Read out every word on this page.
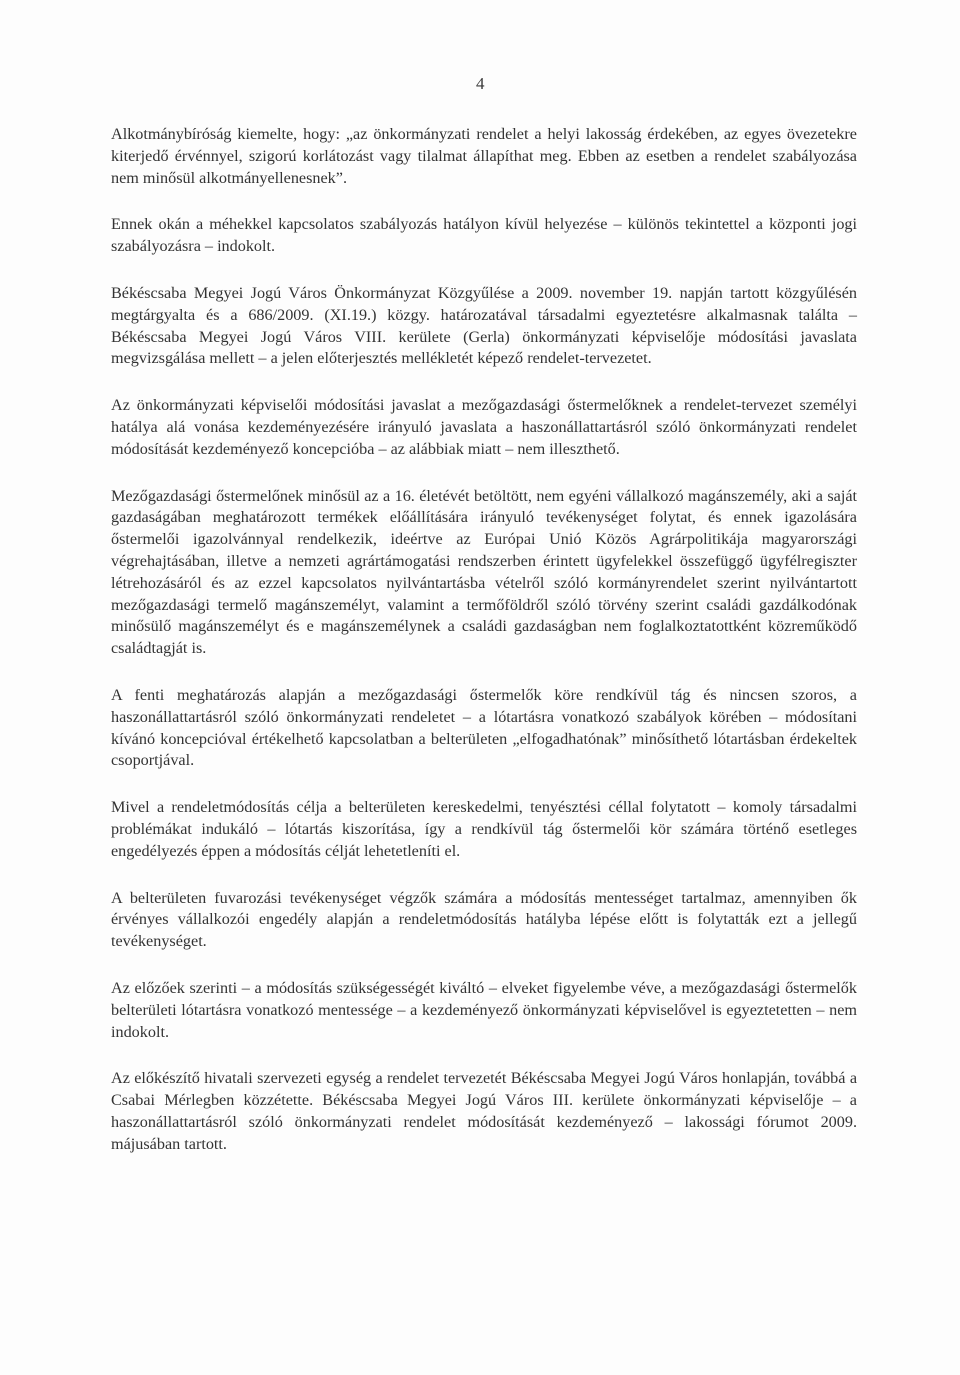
4

Alkotmánybíróság kiemelte, hogy: „az önkormányzati rendelet a helyi lakosság érdekében, az egyes övezetekre kiterjedő érvénnyel, szigorú korlátozást vagy tilalmat állapíthat meg. Ebben az esetben a rendelet szabályozása nem minősül alkotmányellenesnek”.

Ennek okán a méhekkel kapcsolatos szabályozás hatályon kívül helyezése – különös tekintettel a központi jogi szabályozásra – indokolt.

Békéscsaba Megyei Jogú Város Önkormányzat Közgyűlése a 2009. november 19. napján tartott közgyűlésén megtárgyalta és a 686/2009. (XI.19.) közgy. határozatával társadalmi egyeztetésre alkalmasnak találta – Békéscsaba Megyei Jogú Város VIII. kerülete (Gerla) önkormányzati képviselője módosítási javaslata megvizsgálása mellett – a jelen előterjesztés mellékletét képező rendelet-tervezetet.

Az önkormányzati képviselői módosítási javaslat a mezőgazdasági őstermelőknek a rendelet-tervezet személyi hatálya alá vonása kezdeményezésére irányuló javaslata a haszonállattartásról szóló önkormányzati rendelet módosítását kezdeményező koncepcióba – az alábbiak miatt – nem illeszthető.

Mezőgazdasági őstermelőnek minősül az a 16. életévét betöltött, nem egyéni vállalkozó magánszemély, aki a saját gazdaságában meghatározott termékek előállítására irányuló tevékenységet folytat, és ennek igazolására őstermelői igazolvánnyal rendelkezik, ideértve az Európai Unió Közös Agrárpolitikája magyarországi végrehajtásában, illetve a nemzeti agrártámogatási rendszerben érintett ügyfelekkel összefüggő ügyfélregiszter létrehozásáról és az ezzel kapcsolatos nyilvántartásba vételről szóló kormányrendelet szerint nyilvántartott mezőgazdasági termelő magánszemélyt, valamint a termőföldről szóló törvény szerint családi gazdálkodónak minősülő magánszemélyt és e magánszemélynek a családi gazdaságban nem foglalkoztatottként közreműködő családtagját is.

A fenti meghatározás alapján a mezőgazdasági őstermelők köre rendkívül tág és nincsen szoros, a haszonállattartásról szóló önkormányzati rendeletet – a lótartásra vonatkozó szabályok körében – módosítani kívánó koncepcióval értékelhető kapcsolatban a belterületen „elfogadhatónak” minősíthető lótartásban érdekeltek csoportjával.

Mivel a rendeletmódosítás célja a belterületen kereskedelmi, tenyésztési céllal folytatott – komoly társadalmi problémákat indukáló – lótartás kiszorítása, így a rendkívül tág őstermelői kör számára történő esetleges engedélyezés éppen a módosítás célját lehetetleníti el.

A belterületen fuvarozási tevékenységet végzők számára a módosítás mentességet tartalmaz, amennyiben ők érvényes vállalkozói engedély alapján a rendeletmódosítás hatályba lépése előtt is folytatták ezt a jellegű tevékenységet.

Az előzőek szerinti – a módosítás szükségességét kiváltó – elveket figyelembe véve, a mezőgazdasági őstermelők belterületi lótartásra vonatkozó mentessége – a kezdeményező önkormányzati képviselővel is egyeztetetten – nem indokolt.

Az előkészítő hivatali szervezeti egység a rendelet tervezetét Békéscsaba Megyei Jogú Város honlapján, továbbá a Csabai Mérlegben közzétette. Békéscsaba Megyei Jogú Város III. kerülete önkormányzati képviselője – a haszonállattartásról szóló önkormányzati rendelet módosítását kezdeményező – lakossági fórumot 2009. májusában tartott.
